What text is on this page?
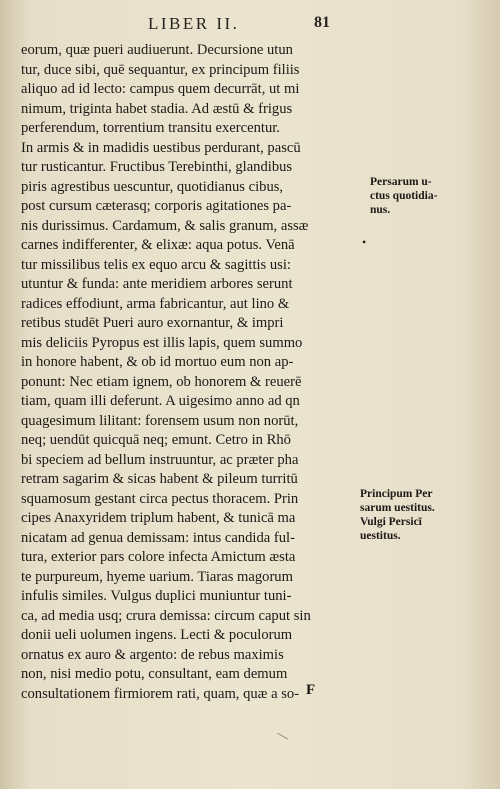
LIBER II.	81
eorum, quæ pueri audiuerunt. Decursione utun
tur, duce sibi, quē sequantur, ex principum filiis
aliquo ad id lecto: campus quem decurrāt, ut mi
nimum, triginta habet stadia. Ad æstū & frigus
perferendum, torrentium transitu exercentur.
In armis & in madidis uestibus perdurant, pascū
tur rusticantur. Fructibus Terebinthi, glandibus
piris agrestibus uescuntur, quotidianus cibus,
post cursum cæterasq; corporis agitationes pa-
nis durissimus. Cardamum, & salis granum, assæ
carnes indifferenter, & elixæ: aqua potus. Venā
tur missilibus telis ex equo arcu & sagittis usi:
utuntur & funda: ante meridiem arbores serunt
radices effodiunt, arma fabricantur, aut lino &
retibus studēt Pueri auro exornantur, & impri
mis deliciis Pyropus est illis lapis, quem summo
in honore habent, & ob id mortuo eum non ap-
ponunt: Nec etiam ignem, ob honorem & reuerē
tiam, quam illi deferunt. A uigesimo anno ad qn
quagesimum lilitant: forensem usum non norūt,
neq; uendūt quicquā neq; emunt. Cetro in Rhō
bi speciem ad bellum instruuntur, ac præter pha
retram sagarim & sicas habent & pileum turritū
squamosum gestant circa pectus thoracem. Prin
cipes Anaxyridem triplum habent, & tunicā ma
nicatam ad genua demissam: intus candida ful-
tura, exterior pars colore infecta Amictum æsta
te purpureum, hyeme uarium. Tiaras magorum
infulis similes. Vulgus duplici muniuntur tuni-
ca, ad media usq; crura demissa: circum caput sin
donii ueli uolumen ingens. Lecti & poculorum
ornatus ex auro & argento: de rebus maximis
non, nisi medio potu, consultant, eam demum
consultationem firmiorem rati, quam, quæ a so-
Persarum u-
ctus quotidia-
nus.
•
Principum Per
sarum uestitus.
Vulgi Persicī
uestitus.
F
